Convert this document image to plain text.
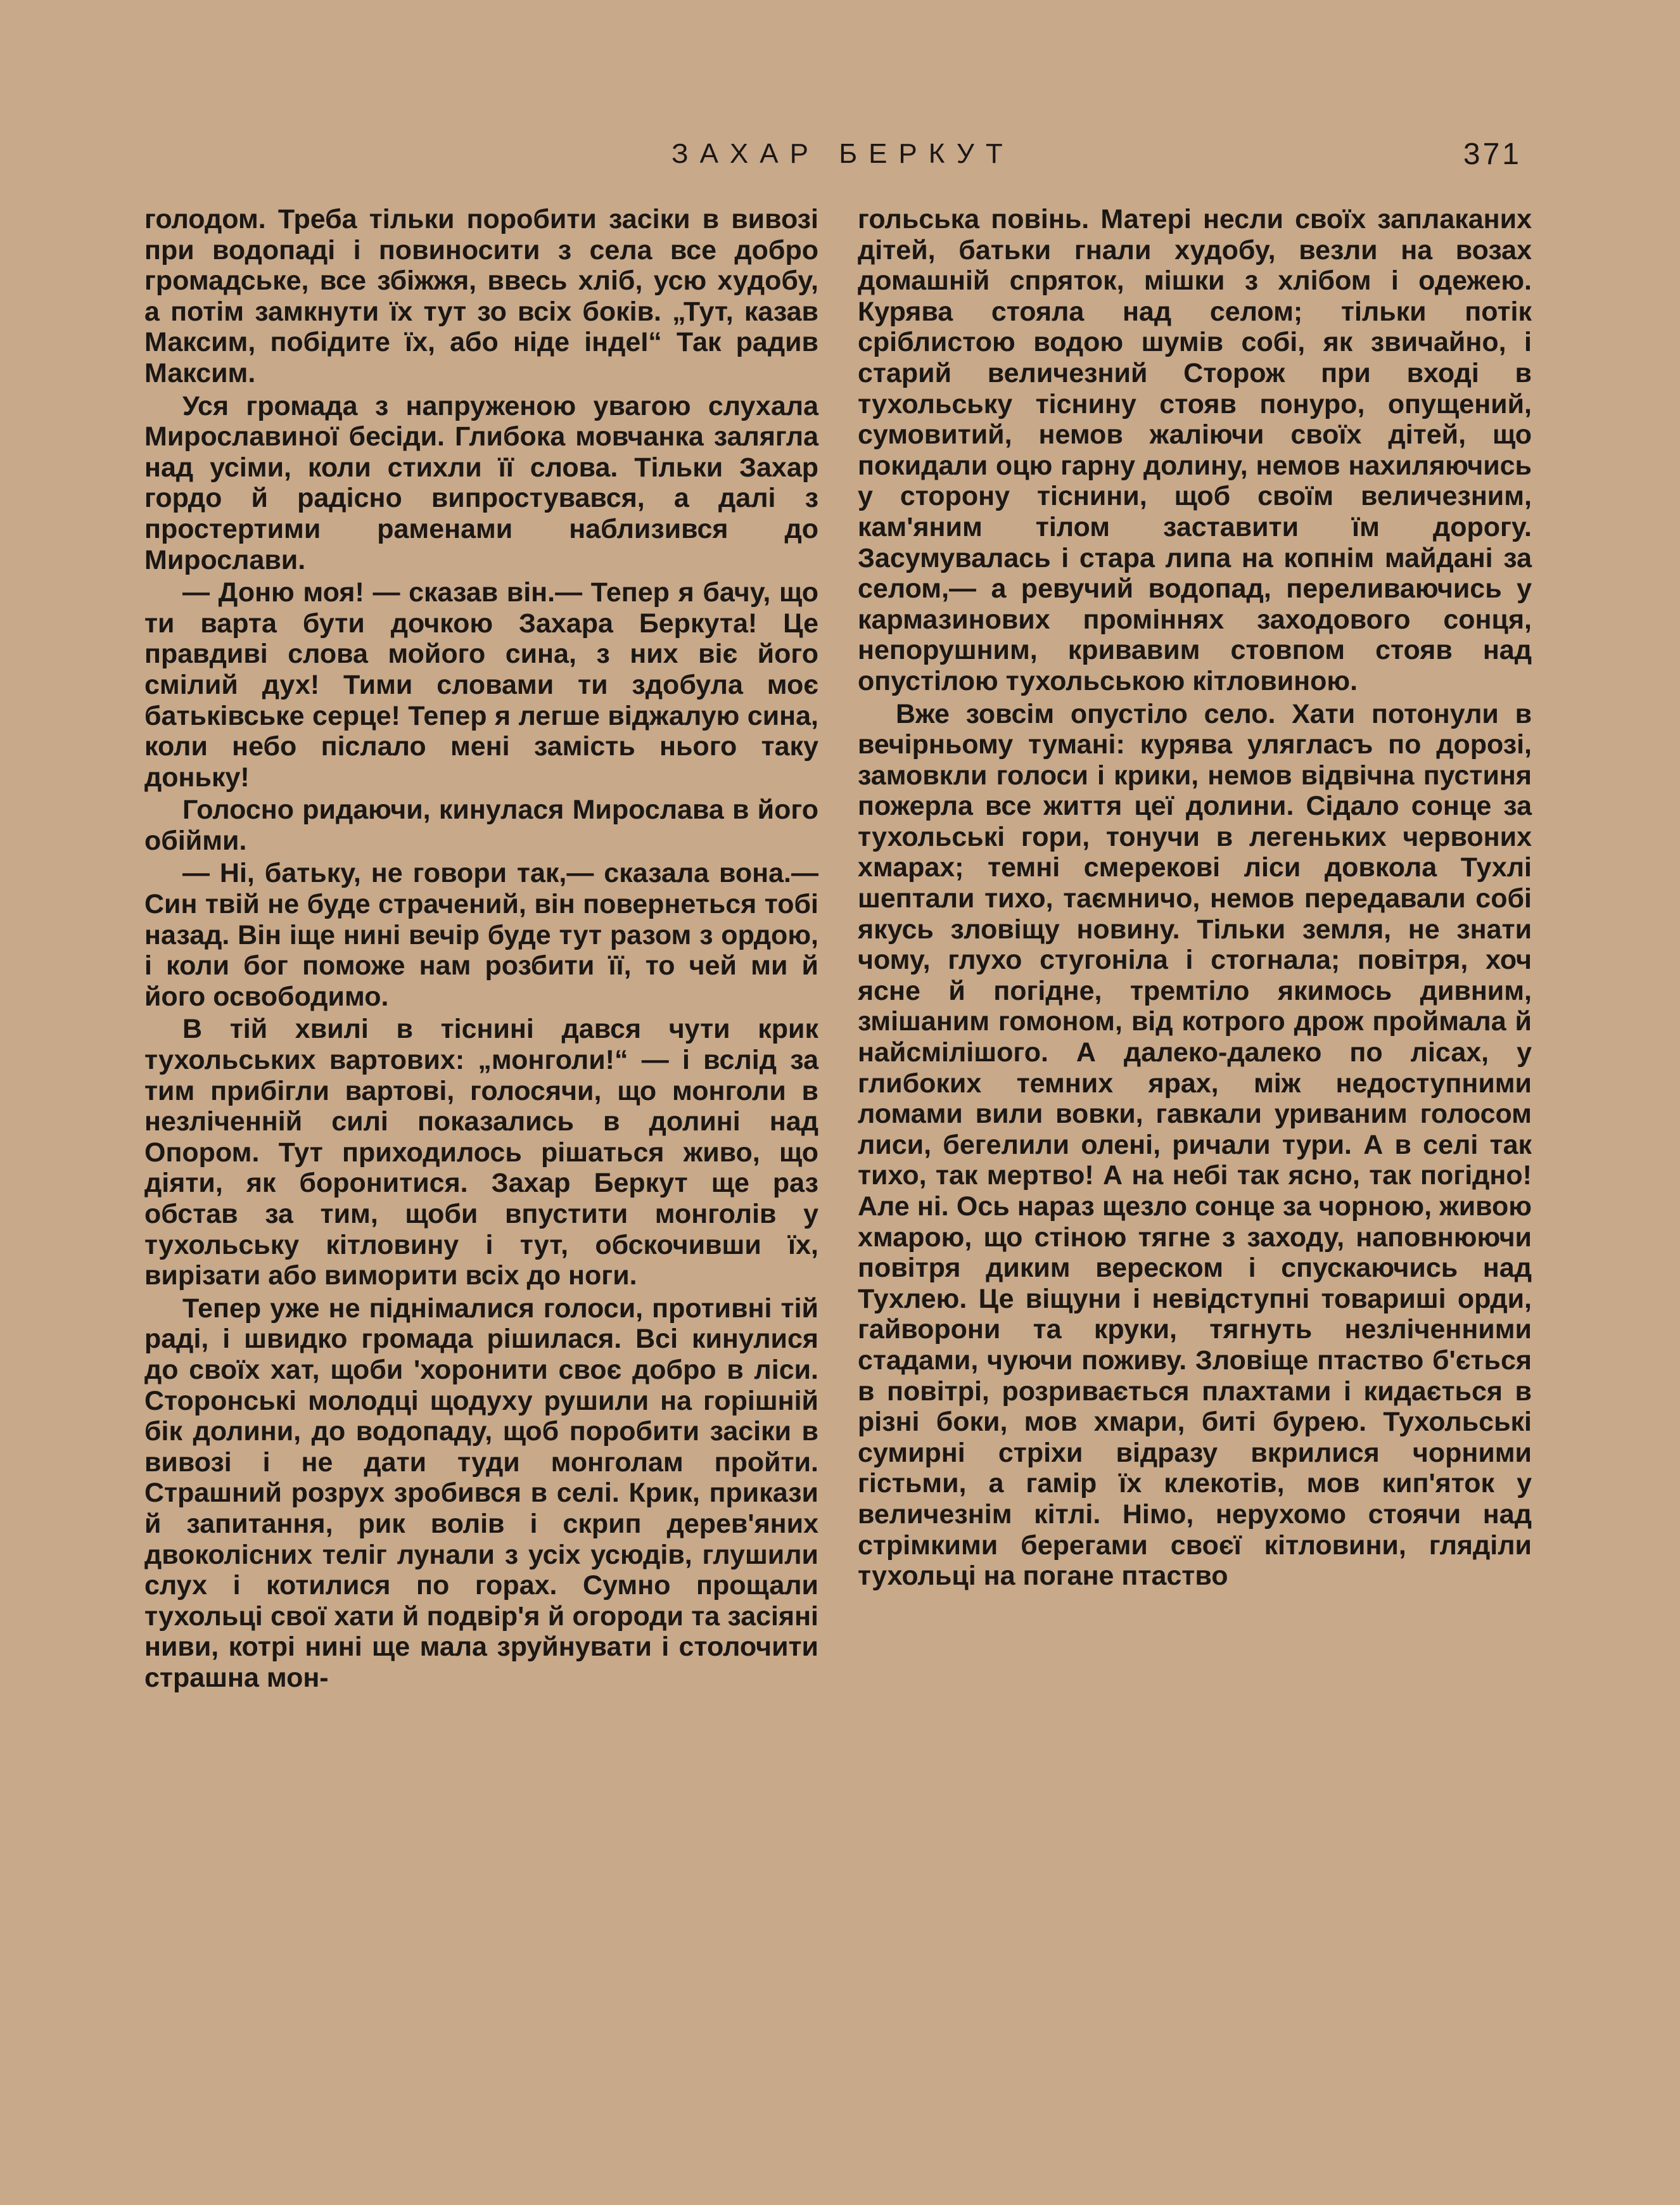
ЗАХАР БЕРКУТ	371

голодом. Треба тільки поробити засіки в вивозі при водопаді і повиносити з села все добро громадське, все збіжжя, ввесь хліб, усю худобу, а потім замкнути їх тут зо всіх боків. „Тут, казав Максим, побідите їх, або ніде індеІ“ Так радив Максим.

Уся громада з напруженою увагою слухала Мирославиної бесіди. Глибока мовчанка залягла над усіми, коли стихли її слова. Тільки Захар гордо й радісно випростувався, а далі з простертими раменами наблизився до Мирослави.

— Доню моя! — сказав він.— Тепер я бачу, що ти варта бути дочкою Захара Беркута! Це правдиві слова мойого сина, з них віє його смілий дух! Тими словами ти здобула моє батьківське серце! Тепер я легше віджалую сина, коли небо післало мені замість нього таку доньку!

Голосно ридаючи, кинулася Мирослава в його обійми.

— Ні, батьку, не говори так,— сказала вона.— Син твій не буде страчений, він повернеться тобі назад. Він іще нині вечір буде тут разом з ордою, і коли бог поможе нам розбити її, то чей ми й його освободимо.

В тій хвилі в тіснині дався чути крик тухольських вартових: „монголи!“ — і вслід за тим прибігли вартові, голосячи, що монголи в незліченній силі показались в долині над Опором. Тут приходилось рішаться живо, що діяти, як боронитися. Захар Беркут ще раз обстав за тим, щоби впустити монголів у тухольську кітловину і тут, обскочивши їх, вирізати або виморити всіх до ноги.

Тепер уже не піднімалися голоси, противні тій раді, і швидко громада рішилася. Всі кинулися до своїх хат, щоби 'хоронити своє добро в ліси. Сторонські молодці щодуху рушили на горішній бік долини, до водопаду, щоб поробити засіки в вивозі і не дати туди монголам пройти. Страшний розрух зробився в селі. Крик, прикази й запитання, рик волів і скрип дерев'яних двоколісних теліг лунали з усіх усюдів, глушили слух і котилися по горах. Сумно прощали тухольці свої хати й подвір'я й огороди та засіяні ниви, котрі нині ще мала зруйнувати і столочити страшна мон-

гольська повінь. Матері несли своїх заплаканих дітей, батьки гнали худобу, везли на возах домашній спряток, мішки з хлібом і одежею. Курява стояла над селом; тільки потік сріблистою водою шумів собі, як звичайно, і старий величезний Сторож при вході в тухольську тіснину стояв понуро, опущений, сумовитий, немов жаліючи своїх дітей, що покидали оцю гарну долину, немов нахиляючись у сторону тіснини, щоб своїм величезним, кам'яним тілом заставити їм дорогу. Засумувалась і стара липа на копнім майдані за селом,— а ревучий водопад, переливаючись у кармазинових проміннях заходового сонця, непорушним, кривавим стовпом стояв над опустілою тухольською кітловиною.

Вже зовсім опустіло село. Хати потонули в вечірньому тумані: курява улягласъ по дорозі, замовкли голоси і крики, немов відвічна пустиня пожерла все життя цеї долини. Сідало сонце за тухольські гори, тонучи в легеньких червоних хмарах; темні смерекові ліси довкола Тухлі шептали тихо, таємничо, немов передавали собі якусь зловіщу новину. Тільки земля, не знати чому, глухо стугоніла і стогнала; повітря, хоч ясне й погідне, тремтіло якимось дивним, змішаним гомоном, від котрого дрож проймала й найсмілішого. А далеко-далеко по лісах, у глибоких темних ярах, між недоступними ломами вили вовки, гавкали уриваним голосом лиси, бегелили олені, ричали тури. А в селі так тихо, так мертво! А на небі так ясно, так погідно! Але ні. Ось нараз щезло сонце за чорною, живою хмарою, що стіною тягне з заходу, наповнюючи повітря диким вереском і спускаючись над Тухлею. Це віщуни і невідступні товариші орди, гайворони та круки, тягнуть незліченними стадами, чуючи поживу. Зловіще птаство б'ється в повітрі, розривається плахтами і кидається в різні боки, мов хмари, биті бурею. Тухольські сумирні стріхи відразу вкрилися чорними гістьми, а гамір їх клекотів, мов кип'яток у величезнім кітлі. Німо, нерухомо стоячи над стрімкими берегами своєї кітловини, гляділи тухольці на погане птаство
